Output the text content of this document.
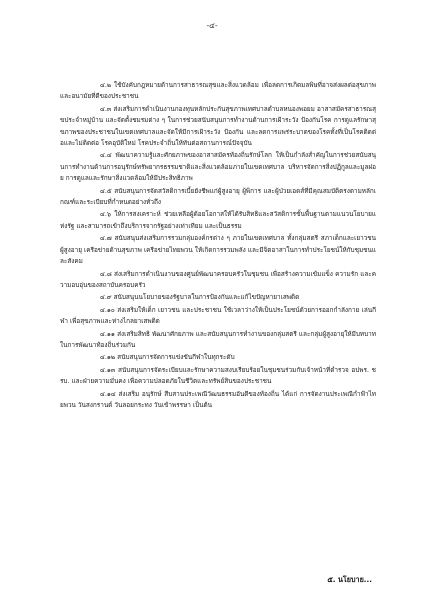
-๔-

๔.๒ ใช้บังคับกฎหมายด้านการสาธารณสุขและสิ่งแวดล้อม เพื่อลดการเกิดมลพิษที่อาจส่งผลต่อสุขภาพและอนามัยที่ดีของประชาชน

๔.๓ ส่งเสริมการดำเนินงานกองทุนหลักประกันสุขภาพเทศบาลตำบลหนองพอยม อาสาสมัครสาธารณสุขประจำหมู่บ้าน และจัดตั้งชมรมต่าง ๆ ในการช่วยสนับสนุนการทำงานด้านการเฝ้าระวัง ป้องกันโรค การดูแลรักษาสุขภาพของประชาชนในเขตเทศบาลและจัดให้มีการเฝ้าระวัง ป้องกัน และลดการแพร่ระบาดของโรคทั้งที่เป็นโรคติดต่อและไม่ติดต่อ โรคอุบัติใหม่ โรคประจำถิ่นให้ทันต่อสถานการณ์ปัจจุบัน

๔.๔ พัฒนาความรู้และศักยภาพของอาสาสมัครท้องถิ่นรักษ์โลก ให้เป็นกำลังสำคัญในการช่วยสนับสนุนการทำงานด้านการอนุรักษ์ทรัพยากรธรรมชาติและสิ่งแวดล้อมภายในเขตเทศบาล บริหารจัดการสิ่งปฏิกูลและมูลฝอย การดูแลและรักษาสิ่งแวดล้อมให้มีประสิทธิภาพ

๔.๕ สนับสนุนการจัดสวัสดิการเบี้ยยังชีพแก่ผู้สูงอายุ ผู้พิการ และผู้ป่วยเอดส์ที่มีคุณสมบัติตรงตามหลักเกณฑ์และระเบียบที่กำหนดอย่างทั่วถึง

๔.๖ ให้การสงเคราะห์ ช่วยเหลือผู้ด้อยโอกาสให้ได้รับสิทธิและสวัสดิการขั้นพื้นฐานตามแนวนโยบายแห่งรัฐ และสามารถเข้าถึงบริการจากรัฐอย่างเท่าเทียม และเป็นธรรม

๔.๗ สนับสนุนส่งเสริมการรวมกลุ่มองค์กรต่าง ๆ ภายในเขตเทศบาล ทั้งกลุ่มสตรี สภาเด็กและเยาวชน ผู้สูงอายุ เครือข่ายด้านสุขภาพ เครือข่ายไทยพวน ให้เกิดการรวมพลัง และมีจิตอาสาในการทำประโยชน์ให้กับชุมชนและสังคม

๔.๘ ส่งเสริมการดำเนินงานของศูนย์พัฒนาครอบครัวในชุมชน เพื่อสร้างความเข้มแข็ง ความรัก และความอบอุ่นของสถาบันครอบครัว

๔.๙ สนับสนุนนโยบายของรัฐบาลในการป้องกันและแก้ไขปัญหายาเสพติด

๔.๑๐ ส่งเสริมให้เด็ก เยาวชน และประชาชน ใช้เวลาว่างให้เป็นประโยชน์ด้วยการออกกำลังกาย เล่นกีฬา เพื่อสุขภาพและห่างไกลยาเสพติด

๔.๑๑ ส่งเสริมสิทธิ พัฒนาศักยภาพ และสนับสนุนการทำงานของกลุ่มสตรี และกลุ่มผู้สูงอายุให้มีบทบาทในการพัฒนาท้องถิ่นร่วมกัน

๔.๑๒ สนับสนุนการจัดการแข่งขันกีฬาในทุกระดับ

๔.๑๓ สนับสนุนการจัดระเบียบและรักษาความสงบเรียบร้อยในชุมชนร่วมกับเจ้าหน้าที่ตำรวจ อปพร. ชรบ. และฝ่ายความมั่นคง เพื่อความปลอดภัยในชีวิตและทรัพย์สินของประชาชน

๔.๑๔ ส่งเสริม อนุรักษ์ สืบสานประเพณีวัฒนธรรมอันดีของท้องถิ่น ได้แก่ การจัดงานประเพณีกำฟ้าไทยพวน วันสงกรานต์ วันลอยกระทง วันเข้าพรรษา เป็นต้น

๕. นโยบาย...
